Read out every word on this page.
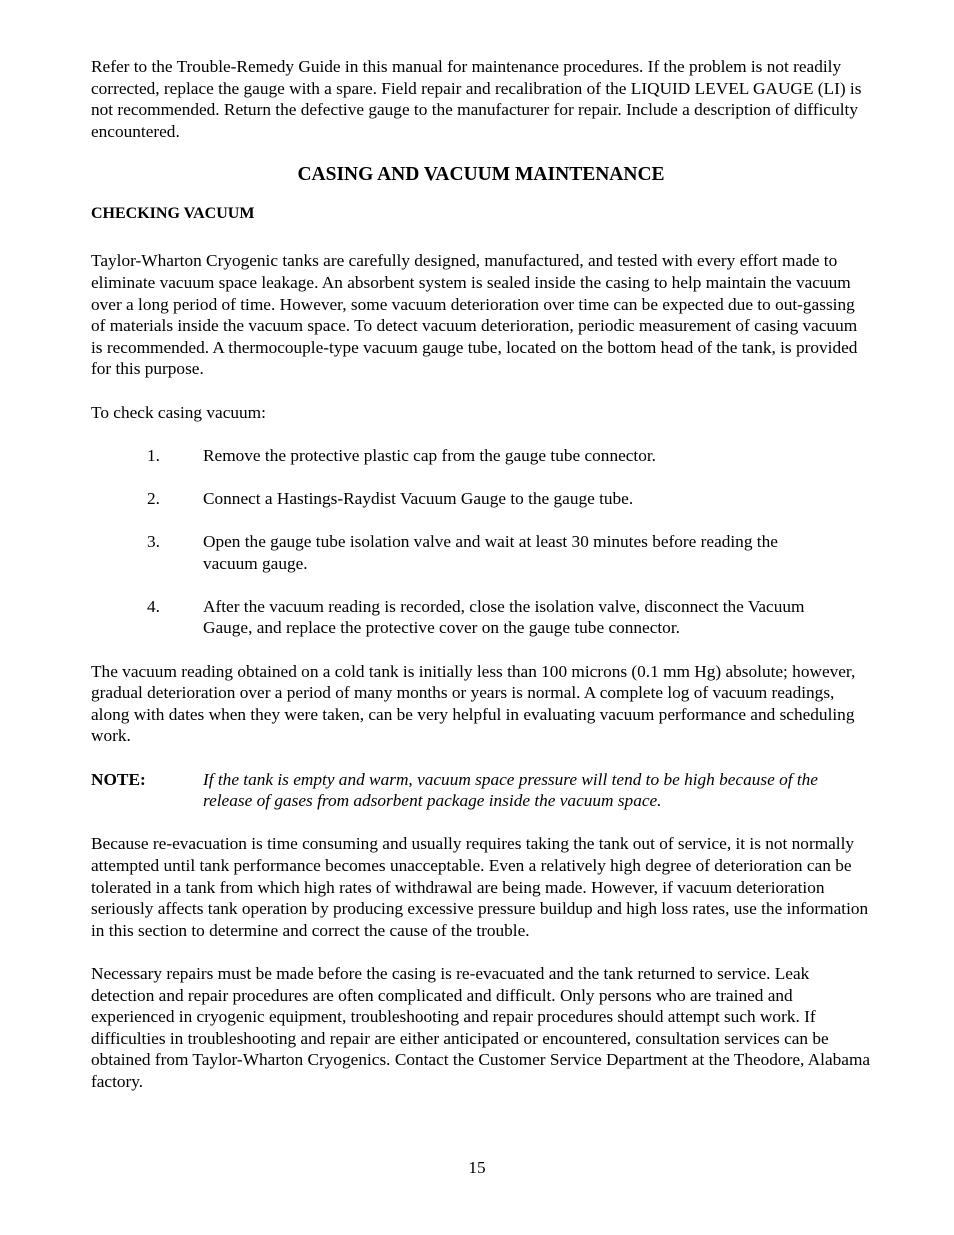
Refer to the Trouble-Remedy Guide in this manual for maintenance procedures. If the problem is not readily corrected, replace the gauge with a spare. Field repair and recalibration of the LIQUID LEVEL GAUGE (LI) is not recommended. Return the defective gauge to the manufacturer for repair. Include a description of difficulty encountered.

CASING AND VACUUM MAINTENANCE
CHECKING VACUUM

Taylor-Wharton Cryogenic tanks are carefully designed, manufactured, and tested with every effort made to eliminate vacuum space leakage. An absorbent system is sealed inside the casing to help maintain the vacuum over a long period of time. However, some vacuum deterioration over time can be expected due to out-gassing of materials inside the vacuum space. To detect vacuum deterioration, periodic measurement of casing vacuum is recommended. A thermocouple-type vacuum gauge tube, located on the bottom head of the tank, is provided for this purpose.

To check casing vacuum:

1.	Remove the protective plastic cap from the gauge tube connector.
2.	Connect a Hastings-Raydist Vacuum Gauge to the gauge tube.
3.	Open the gauge tube isolation valve and wait at least 30 minutes before reading the vacuum gauge.
4.	After the vacuum reading is recorded, close the isolation valve, disconnect the Vacuum Gauge, and replace the protective cover on the gauge tube connector.

The vacuum reading obtained on a cold tank is initially less than 100 microns (0.1 mm Hg) absolute; however, gradual deterioration over a period of many months or years is normal. A complete log of vacuum readings, along with dates when they were taken, can be very helpful in evaluating vacuum performance and scheduling work.

NOTE:	If the tank is empty and warm, vacuum space pressure will tend to be high because of the release of gases from adsorbent package inside the vacuum space.

Because re-evacuation is time consuming and usually requires taking the tank out of service, it is not normally attempted until tank performance becomes unacceptable. Even a relatively high degree of deterioration can be tolerated in a tank from which high rates of withdrawal are being made. However, if vacuum deterioration seriously affects tank operation by producing excessive pressure buildup and high loss rates, use the information in this section to determine and correct the cause of the trouble.

Necessary repairs must be made before the casing is re-evacuated and the tank returned to service. Leak detection and repair procedures are often complicated and difficult. Only persons who are trained and experienced in cryogenic equipment, troubleshooting and repair procedures should attempt such work. If difficulties in troubleshooting and repair are either anticipated or encountered, consultation services can be obtained from Taylor-Wharton Cryogenics. Contact the Customer Service Department at the Theodore, Alabama factory.

15
